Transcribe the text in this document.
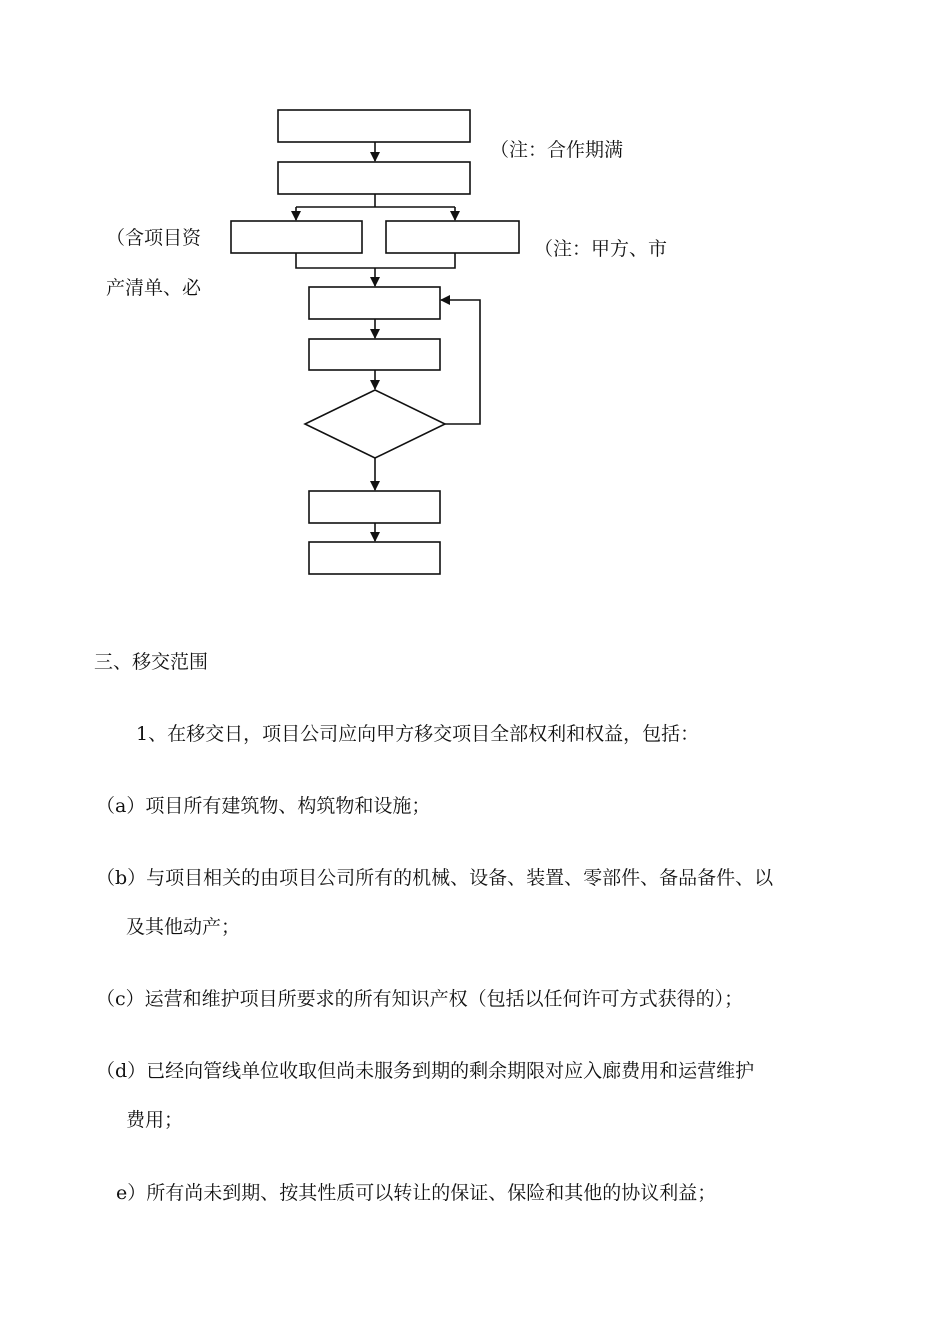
（注：合作期满
（含项目资
产清单、必
（注：甲方、市
三、移交范围
1、在移交日，项目公司应向甲方移交项目全部权利和权益，包括：
（a）项目所有建筑物、构筑物和设施；
（b）与项目相关的由项目公司所有的机械、设备、装置、零部件、备品备件、以
及其他动产；
（c）运营和维护项目所要求的所有知识产权（包括以任何许可方式获得的）；
（d）已经向管线单位收取但尚未服务到期的剩余期限对应入廊费用和运营维护
费用；
e）所有尚未到期、按其性质可以转让的保证、保险和其他的协议利益；
